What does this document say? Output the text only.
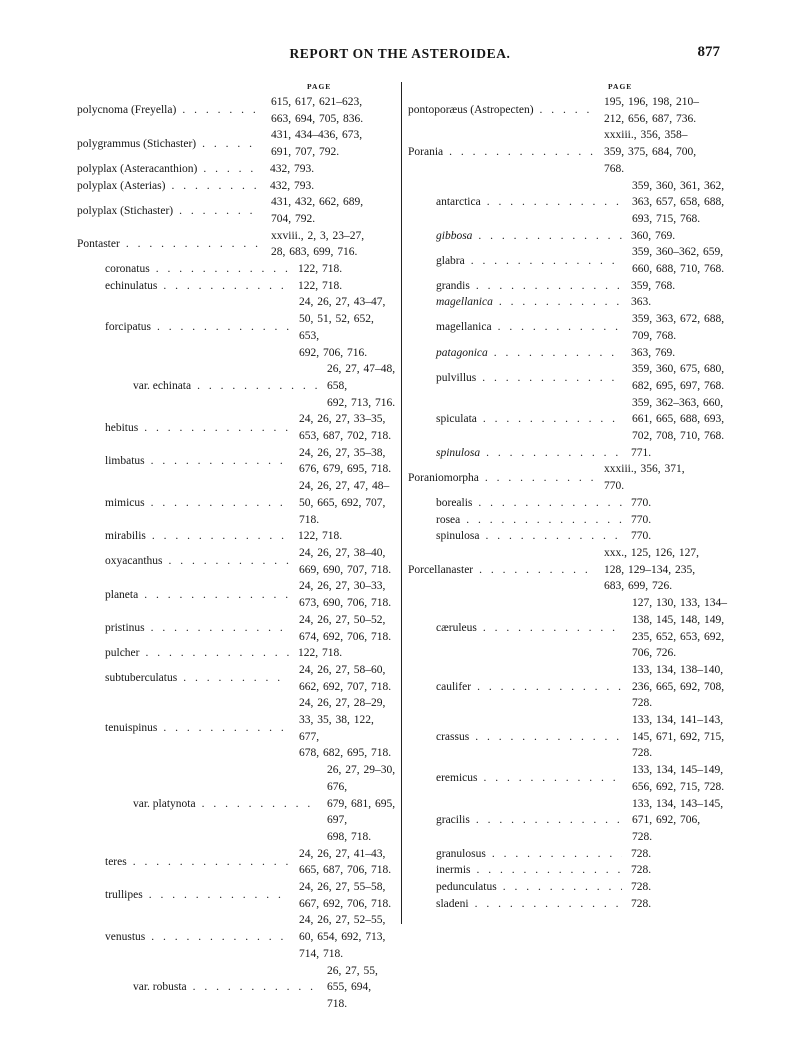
REPORT ON THE ASTEROIDEA.	877
PAGE
polycnoma (Freyella) . . .
615, 617, 621–623,
663, 694, 705, 836.
polygrammus (Stichaster) . . .
431, 434–436, 673,
691, 707, 792.
polyplax (Asteracanthion) . . .	432, 793.
polyplax (Asterias) . . .	432, 793.
polyplax (Stichaster) . . .
431, 432, 662, 689,
704, 792.
Pontaster . . .
xxviii., 2, 3, 23–27,
28, 683, 699, 716.
coronatus . . .	122, 718.
echinulatus . . .	122, 718.
forcipatus . . .
24, 26, 27, 43–47,
50, 51, 52, 652, 653,
692, 706, 716.
var. echinata . . .
26, 27, 47–48, 658,
692, 713, 716.
hebitus . . .
24, 26, 27, 33–35,
653, 687, 702, 718.
limbatus . . .
24, 26, 27, 35–38,
676, 679, 695, 718.
mimicus . . .
24, 26, 27, 47, 48–
50, 665, 692, 707,
718.
mirabilis . . .	122, 718.
oxyacanthus . . .
24, 26, 27, 38–40,
669, 690, 707, 718.
planeta . . .
24, 26, 27, 30–33,
673, 690, 706, 718.
pristinus . . .
24, 26, 27, 50–52,
674, 692, 706, 718.
pulcher . . .	122, 718.
subtuberculatus . . .
24, 26, 27, 58–60,
662, 692, 707, 718.
tenuispinus . . .
24, 26, 27, 28–29,
33, 35, 38, 122, 677,
678, 682, 695, 718.
var. platynota . . .
26, 27, 29–30, 676,
679, 681, 695, 697,
698, 718.
teres . . .
24, 26, 27, 41–43,
665, 687, 706, 718.
trullipes . . .
24, 26, 27, 55–58,
667, 692, 706, 718.
venustus . . .
24, 26, 27, 52–55,
60, 654, 692, 713,
714, 718.
var. robusta . . .
26, 27, 55, 655, 694,
718.
PAGE
pontoporæus (Astropecten) . . .
195, 196, 198, 210–
212, 656, 687, 736.
Porania . . .
xxxiii., 356, 358–
359, 375, 684, 700,
768.
antarctica . . .
359, 360, 361, 362,
363, 657, 658, 688,
693, 715, 768.
gibbosa . . .	360, 769.
glabra . . .
359, 360–362, 659,
660, 688, 710, 768.
grandis . . .	359, 768.
magellanica . . .	363.
magellanica . . .
359, 363, 672, 688,
709, 768.
patagonica . . .	363, 769.
pulvillus . . .
359, 360, 675, 680,
682, 695, 697, 768.
spiculata . . .
359, 362–363, 660,
661, 665, 688, 693,
702, 708, 710, 768.
spinulosa . . .	771.
Poraniomorpha . . .
xxxiii., 356, 371,
770.
borealis . . .	770.
rosea . . .	770.
spinulosa . . .	770.
Porcellanaster . . .
xxx., 125, 126, 127,
128, 129–134, 235,
683, 699, 726.
cæruleus . . .
127, 130, 133, 134–
138, 145, 148, 149,
235, 652, 653, 692,
706, 726.
caulifer . . .
133, 134, 138–140,
236, 665, 692, 708,
728.
crassus . . .
133, 134, 141–143,
145, 671, 692, 715,
728.
eremicus . . .
133, 134, 145–149,
656, 692, 715, 728.
gracilis . . .
133, 134, 143–145,
671, 692, 706,
728.
granulosus . . .	728.
inermis . . .	728.
pedunculatus . . .	728.
sladeni . . .	728.
